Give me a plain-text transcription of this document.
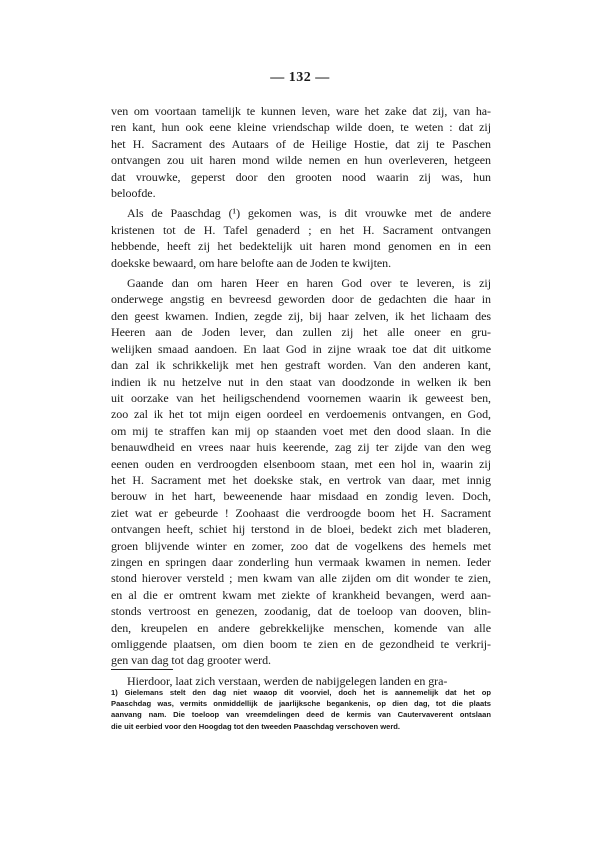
— 132 —

ven om voortaan tamelijk te kunnen leven, ware het zake dat zij, van ha-
ren kant, hun ook eene kleine vriendschap wilde doen, te weten : dat zij
het H. Sacrament des Autaars of de Heilige Hostie, dat zij te Paschen
ontvangen zou uit haren mond wilde nemen en hun overleveren, hetgeen
dat vrouwke, geperst door den grooten nood waarin zij was, hun
beloofde.

Als de Paaschdag (¹) gekomen was, is dit vrouwke met de andere
kristenen tot de H. Tafel genaderd ; en het H. Sacrament ontvangen
hebbende, heeft zij het bedektelijk uit haren mond genomen en in een
doekske bewaard, om hare belofte aan de Joden te kwijten.

Gaande dan om haren Heer en haren God over te leveren, is zij
onderwege angstig en bevreesd geworden door de gedachten die haar in
den geest kwamen. Indien, zegde zij, bij haar zelven, ik het lichaam des
Heeren aan de Joden lever, dan zullen zij het alle oneer en gru-
welijken smaad aandoen. En laat God in zijne wraak toe dat dit uitkome
dan zal ik schrikkelijk met hen gestraft worden. Van den anderen kant,
indien ik nu hetzelve nut in den staat van doodzonde in welken ik ben
uit oorzake van het heiligschendend voornemen waarin ik geweest ben,
zoo zal ik het tot mijn eigen oordeel en verdoemenis ontvangen, en God,
om mij te straffen kan mij op staanden voet met den dood slaan. In die
benauwdheid en vrees naar huis keerende, zag zij ter zijde van den weg
eenen ouden en verdroogden elsenboom staan, met een hol in, waarin zij
het H. Sacrament met het doekske stak, en vertrok van daar, met innig
berouw in het hart, beweenende haar misdaad en zondig leven. Doch,
ziet wat er gebeurde ! Zoohaast die verdroogde boom het H. Sacrament
ontvangen heeft, schiet hij terstond in de bloei, bedekt zich met bladeren,
groen blijvende winter en zomer, zoo dat de vogelkens des hemels met
zingen en springen daar zonderling hun vermaak kwamen in nemen. Ieder
stond hierover versteld ; men kwam van alle zijden om dit wonder te zien,
en al die er omtrent kwam met ziekte of krankheid bevangen, werd aan-
stonds vertroost en genezen, zoodanig, dat de toeloop van dooven, blin-
den, kreupelen en andere gebrekkelijke menschen, komende van alle
omliggende plaatsen, om dien boom te zien en de gezondheid te verkrij-
gen van dag tot dag grooter werd.

Hierdoor, laat zich verstaan, werden de nabijgelegen landen en gra-

1) Gielemans stelt den dag niet waaop dit voorviel, doch het is aannemelijk dat het op
Paaschdag was, vermits onmiddellijk de jaarlijksche begankenis, op dien dag, tot die plaats
aanvang nam. Die toeloop van vreemdelingen deed de kermis van Cautervaverent ontslaan
die uit eerbied voor den Hoogdag tot den tweeden Paaschdag verschoven werd.
